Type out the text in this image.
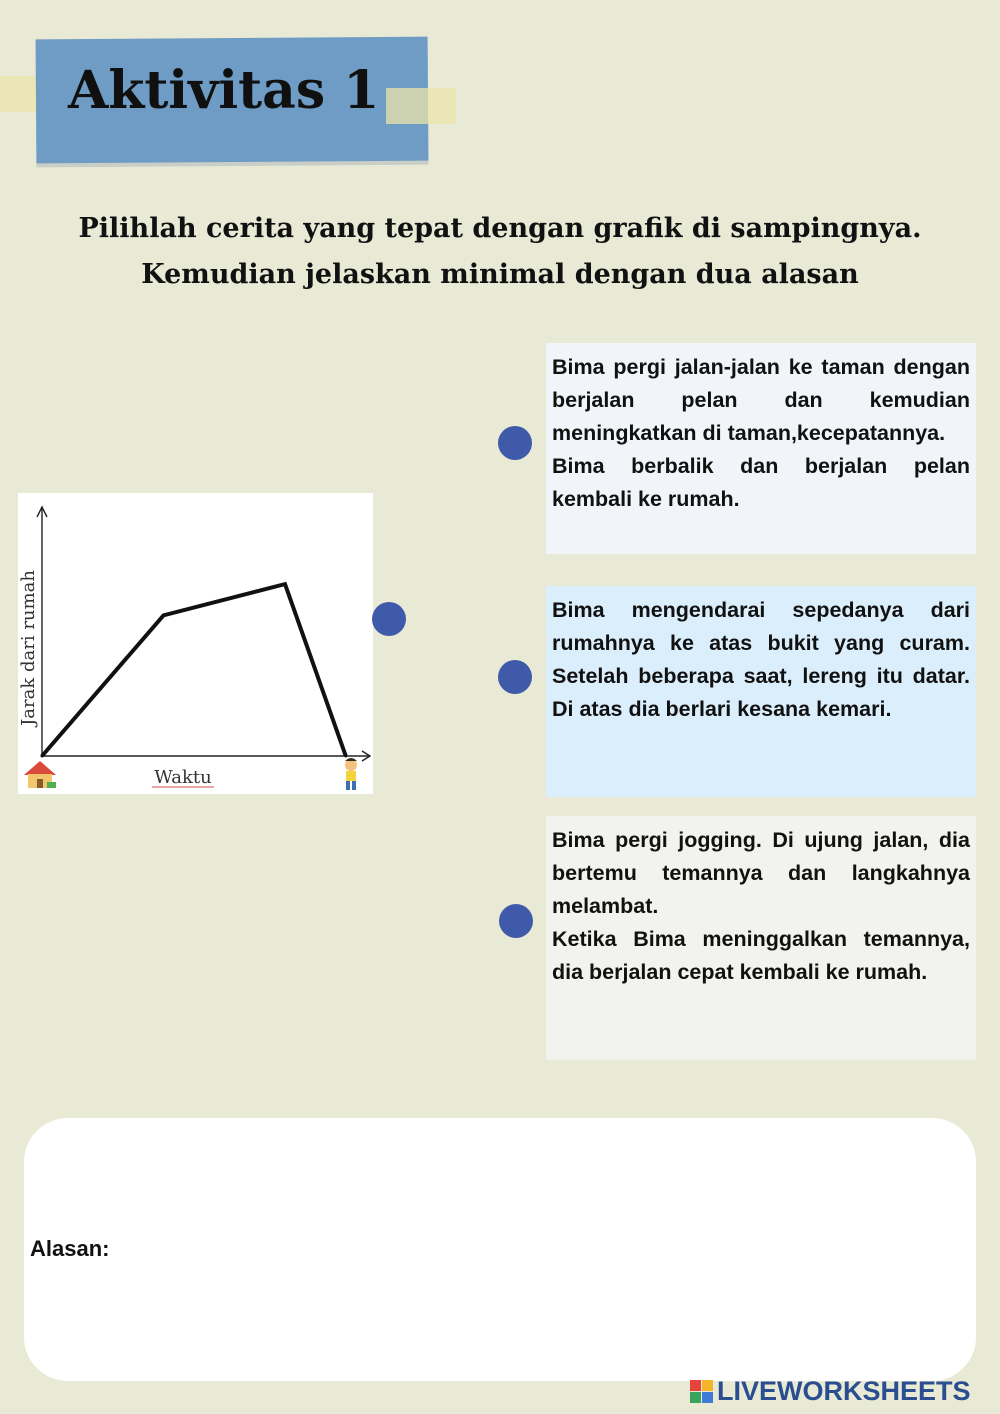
Aktivitas 1
Pilihlah cerita yang tepat dengan grafik di sampingnya.
Kemudian jelaskan minimal dengan dua alasan
Waktu
Jarak dari rumah

Bima pergi jalan-jalan ke taman dengan berjalan pelan dan kemudian meningkatkan di taman,kecepatannya.

Bima berbalik dan berjalan pelan kembali ke rumah.

Bima mengendarai sepedanya dari rumahnya ke atas bukit yang curam. Setelah beberapa saat, lereng itu datar. Di atas dia berlari kesana kemari.

Bima pergi jogging. Di ujung jalan, dia bertemu temannya dan langkahnya melambat.

Ketika Bima meninggalkan temannya, dia berjalan cepat kembali ke rumah.

Alasan:
LIVEWORKSHEETS
